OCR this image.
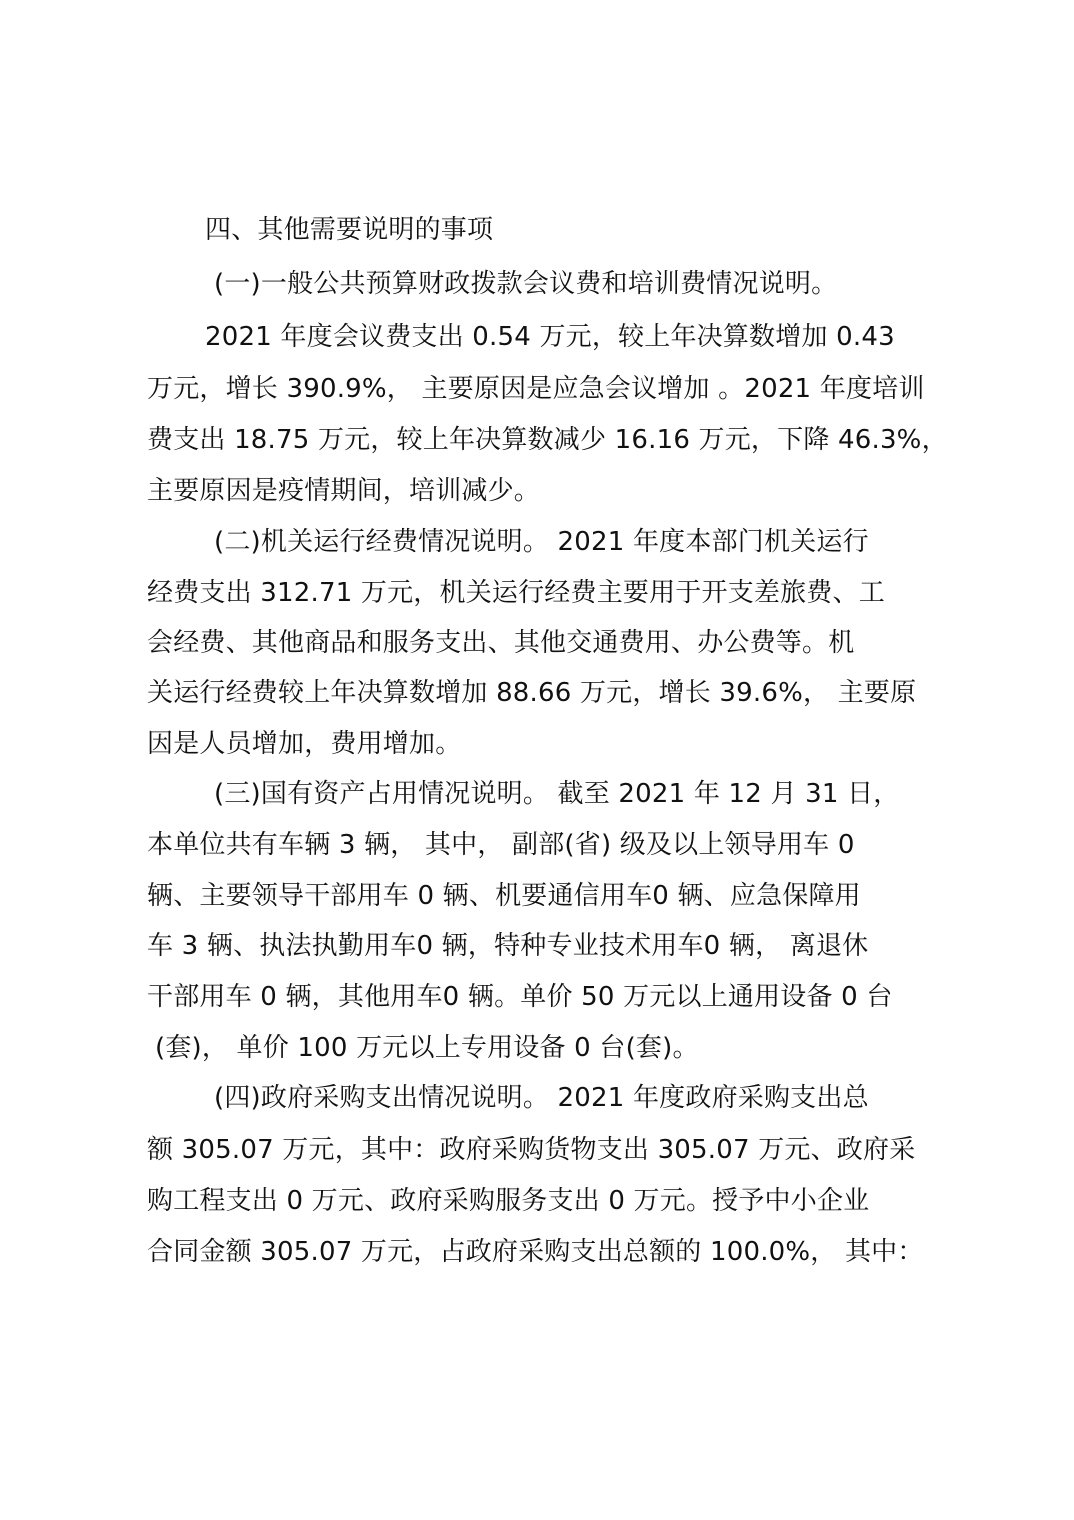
四、其他需要说明的事项
(一)一般公共预算财政拨款会议费和培训费情况说明。
2021 年度会议费支出 0.54 万元，较上年决算数增加 0.43
万元，增长 390.9%， 主要原因是应急会议增加 。2021 年度培训
费支出 18.75 万元，较上年决算数减少 16.16 万元，下降 46.3%，
主要原因是疫情期间，培训减少。
(二)机关运行经费情况说明。 2021 年度本部门机关运行
经费支出 312.71 万元，机关运行经费主要用于开支差旅费、工
会经费、其他商品和服务支出、其他交通费用、办公费等。机
关运行经费较上年决算数增加 88.66 万元，增长 39.6%， 主要原
因是人员增加，费用增加。
(三)国有资产占用情况说明。 截至 2021 年 12 月 31 日，
本单位共有车辆 3 辆， 其中， 副部(省) 级及以上领导用车 0
辆、主要领导干部用车 0 辆、机要通信用车0 辆、应急保障用
车 3 辆、执法执勤用车0 辆，特种专业技术用车0 辆， 离退休
干部用车 0 辆，其他用车0 辆。单价 50 万元以上通用设备 0 台
(套)， 单价 100 万元以上专用设备 0 台(套)。
(四)政府采购支出情况说明。 2021 年度政府采购支出总
额 305.07 万元，其中：政府采购货物支出 305.07 万元、政府采
购工程支出 0 万元、政府采购服务支出 0 万元。授予中小企业
合同金额 305.07 万元，占政府采购支出总额的 100.0%， 其中：
